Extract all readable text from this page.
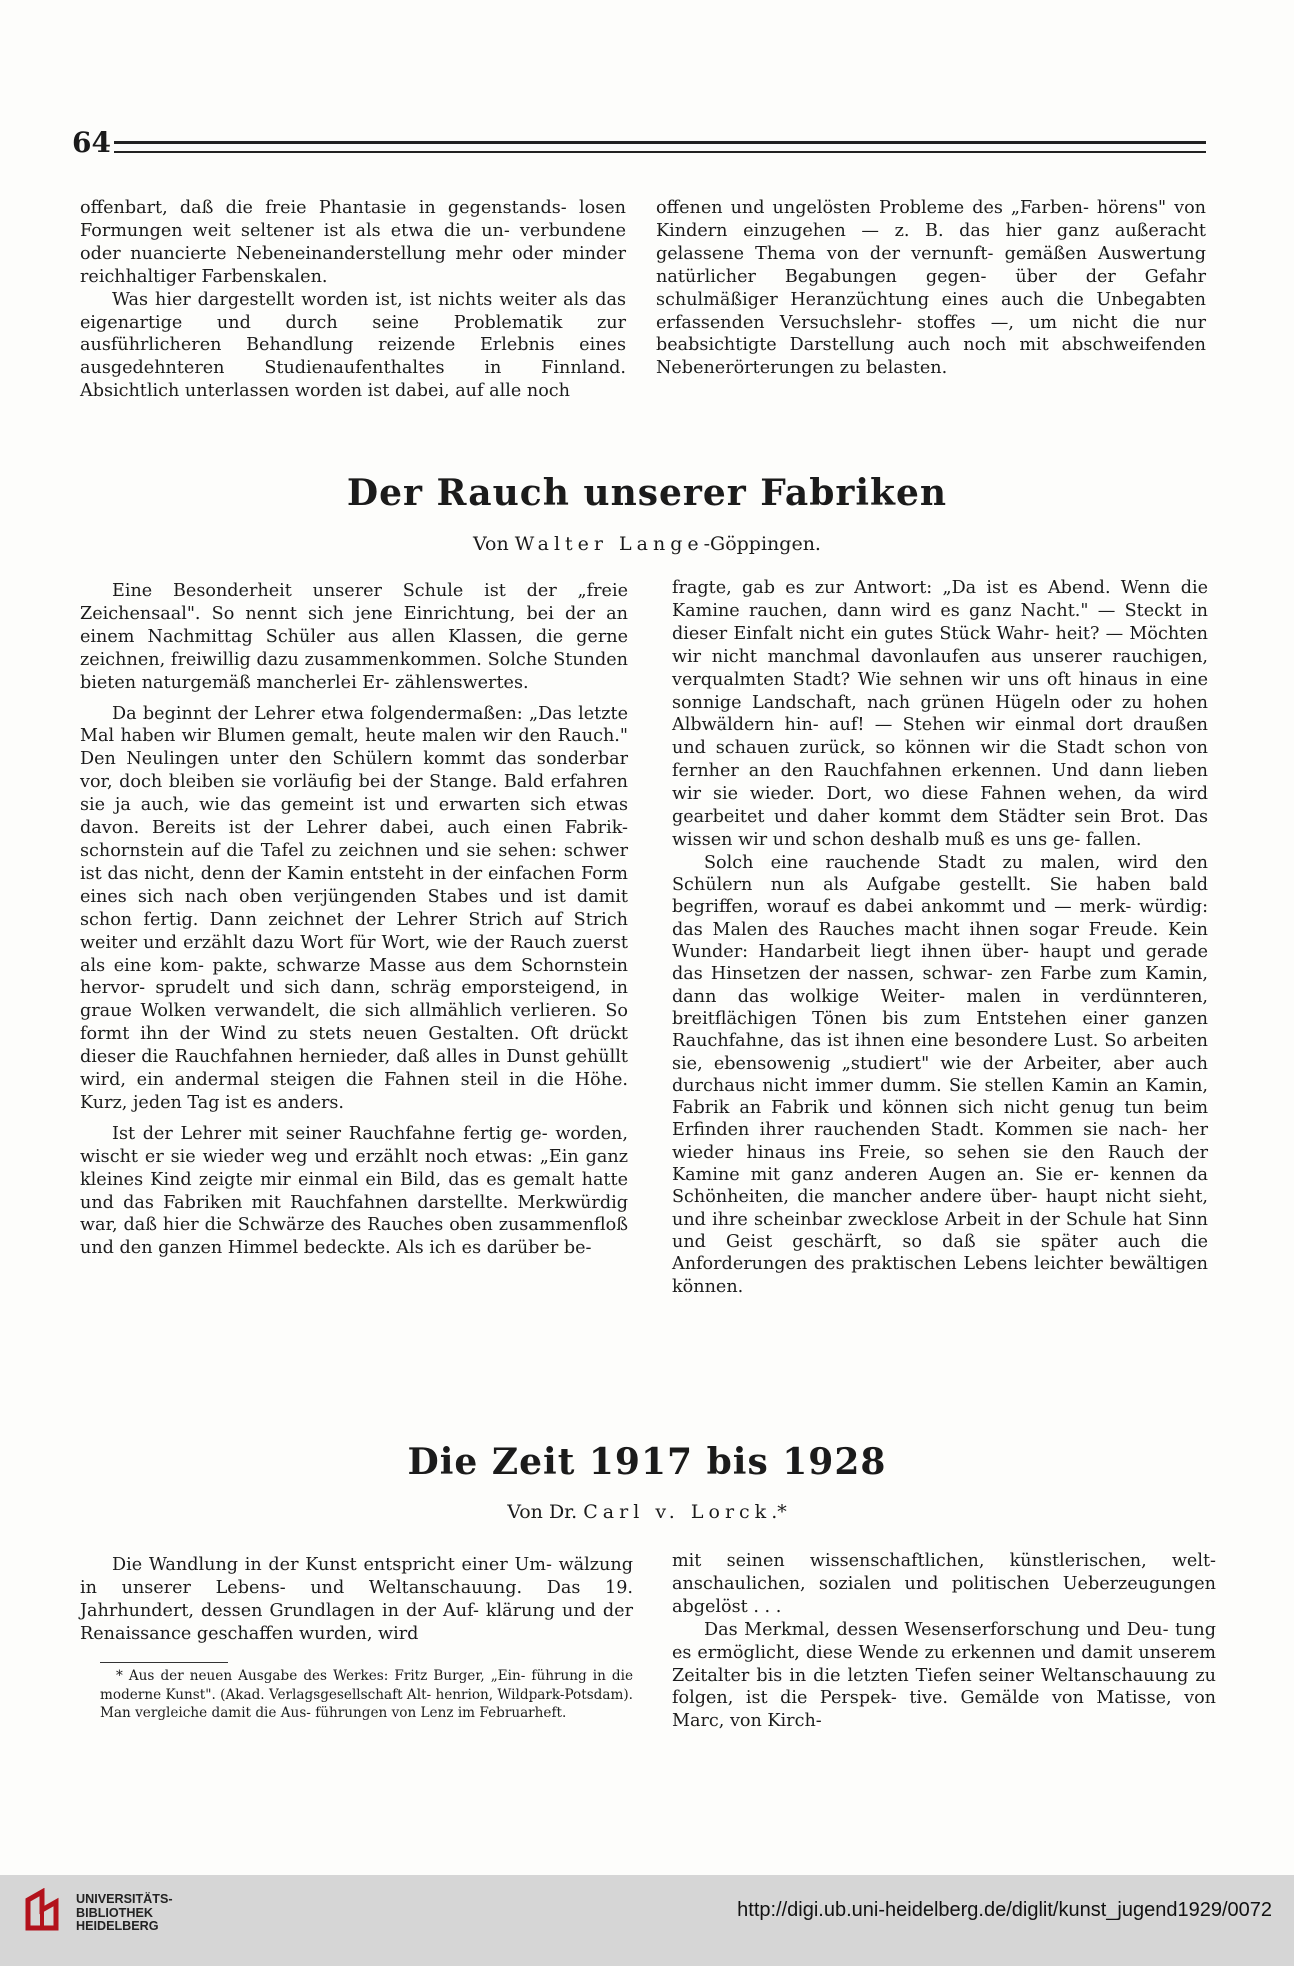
64

offenbart, daß die freie Phantasie in gegenstands- losen Formungen weit seltener ist als etwa die un- verbundene oder nuancierte Nebeneinanderstellung mehr oder minder reichhaltiger Farbenskalen.

Was hier dargestellt worden ist, ist nichts weiter als das eigenartige und durch seine Problematik zur ausführlicheren Behandlung reizende Erlebnis eines ausgedehnteren Studienaufenthaltes in Finnland. Absichtlich unterlassen worden ist dabei, auf alle noch

offenen und ungelösten Probleme des „Farben- hörens" von Kindern einzugehen — z. B. das hier ganz außeracht gelassene Thema von der vernunft- gemäßen Auswertung natürlicher Begabungen gegen- über der Gefahr schulmäßiger Heranzüchtung eines auch die Unbegabten erfassenden Versuchslehr- stoffes —, um nicht die nur beabsichtigte Darstellung auch noch mit abschweifenden Nebenerörterungen zu belasten.

Der Rauch unserer Fabriken
Von Walter Lange-Göppingen.

Eine Besonderheit unserer Schule ist der „freie Zeichensaal". So nennt sich jene Einrichtung, bei der an einem Nachmittag Schüler aus allen Klassen, die gerne zeichnen, freiwillig dazu zusammenkommen. Solche Stunden bieten naturgemäß mancherlei Er- zählenswertes.

Da beginnt der Lehrer etwa folgendermaßen: „Das letzte Mal haben wir Blumen gemalt, heute malen wir den Rauch." Den Neulingen unter den Schülern kommt das sonderbar vor, doch bleiben sie vorläufig bei der Stange. Bald erfahren sie ja auch, wie das gemeint ist und erwarten sich etwas davon. Bereits ist der Lehrer dabei, auch einen Fabrik- schornstein auf die Tafel zu zeichnen und sie sehen: schwer ist das nicht, denn der Kamin entsteht in der einfachen Form eines sich nach oben verjüngenden Stabes und ist damit schon fertig. Dann zeichnet der Lehrer Strich auf Strich weiter und erzählt dazu Wort für Wort, wie der Rauch zuerst als eine kom- pakte, schwarze Masse aus dem Schornstein hervor- sprudelt und sich dann, schräg emporsteigend, in graue Wolken verwandelt, die sich allmählich verlieren. So formt ihn der Wind zu stets neuen Gestalten. Oft drückt dieser die Rauchfahnen hernieder, daß alles in Dunst gehüllt wird, ein andermal steigen die Fahnen steil in die Höhe. Kurz, jeden Tag ist es anders.

Ist der Lehrer mit seiner Rauchfahne fertig ge- worden, wischt er sie wieder weg und erzählt noch etwas: „Ein ganz kleines Kind zeigte mir einmal ein Bild, das es gemalt hatte und das Fabriken mit Rauchfahnen darstellte. Merkwürdig war, daß hier die Schwärze des Rauches oben zusammenfloß und den ganzen Himmel bedeckte. Als ich es darüber be-

fragte, gab es zur Antwort: „Da ist es Abend. Wenn die Kamine rauchen, dann wird es ganz Nacht." — Steckt in dieser Einfalt nicht ein gutes Stück Wahr- heit? — Möchten wir nicht manchmal davonlaufen aus unserer rauchigen, verqualmten Stadt? Wie sehnen wir uns oft hinaus in eine sonnige Landschaft, nach grünen Hügeln oder zu hohen Albwäldern hin- auf! — Stehen wir einmal dort draußen und schauen zurück, so können wir die Stadt schon von fernher an den Rauchfahnen erkennen. Und dann lieben wir sie wieder. Dort, wo diese Fahnen wehen, da wird gearbeitet und daher kommt dem Städter sein Brot. Das wissen wir und schon deshalb muß es uns ge- fallen.

Solch eine rauchende Stadt zu malen, wird den Schülern nun als Aufgabe gestellt. Sie haben bald begriffen, worauf es dabei ankommt und — merk- würdig: das Malen des Rauches macht ihnen sogar Freude. Kein Wunder: Handarbeit liegt ihnen über- haupt und gerade das Hinsetzen der nassen, schwar- zen Farbe zum Kamin, dann das wolkige Weiter- malen in verdünnteren, breitflächigen Tönen bis zum Entstehen einer ganzen Rauchfahne, das ist ihnen eine besondere Lust. So arbeiten sie, ebensowenig „studiert" wie der Arbeiter, aber auch durchaus nicht immer dumm. Sie stellen Kamin an Kamin, Fabrik an Fabrik und können sich nicht genug tun beim Erfinden ihrer rauchenden Stadt. Kommen sie nach- her wieder hinaus ins Freie, so sehen sie den Rauch der Kamine mit ganz anderen Augen an. Sie er- kennen da Schönheiten, die mancher andere über- haupt nicht sieht, und ihre scheinbar zwecklose Arbeit in der Schule hat Sinn und Geist geschärft, so daß sie später auch die Anforderungen des praktischen Lebens leichter bewältigen können.

Die Zeit 1917 bis 1928
Von Dr. Carl v. Lorck.*

Die Wandlung in der Kunst entspricht einer Um- wälzung in unserer Lebens- und Weltanschauung. Das 19. Jahrhundert, dessen Grundlagen in der Auf- klärung und der Renaissance geschaffen wurden, wird

* Aus der neuen Ausgabe des Werkes: Fritz Burger, „Ein- führung in die moderne Kunst". (Akad. Verlagsgesellschaft Alt- henrion, Wildpark-Potsdam). Man vergleiche damit die Aus- führungen von Lenz im Februarheft.

mit seinen wissenschaftlichen, künstlerischen, welt- anschaulichen, sozialen und politischen Ueberzeugungen abgelöst . . .

Das Merkmal, dessen Wesenserforschung und Deu- tung es ermöglicht, diese Wende zu erkennen und damit unserem Zeitalter bis in die letzten Tiefen seiner Weltanschauung zu folgen, ist die Perspek- tive. Gemälde von Matisse, von Marc, von Kirch-

UNIVERSITÄTS-
BIBLIOTHEK
HEIDELBERG
http://digi.ub.uni-heidelberg.de/diglit/kunst_jugend1929/0072
